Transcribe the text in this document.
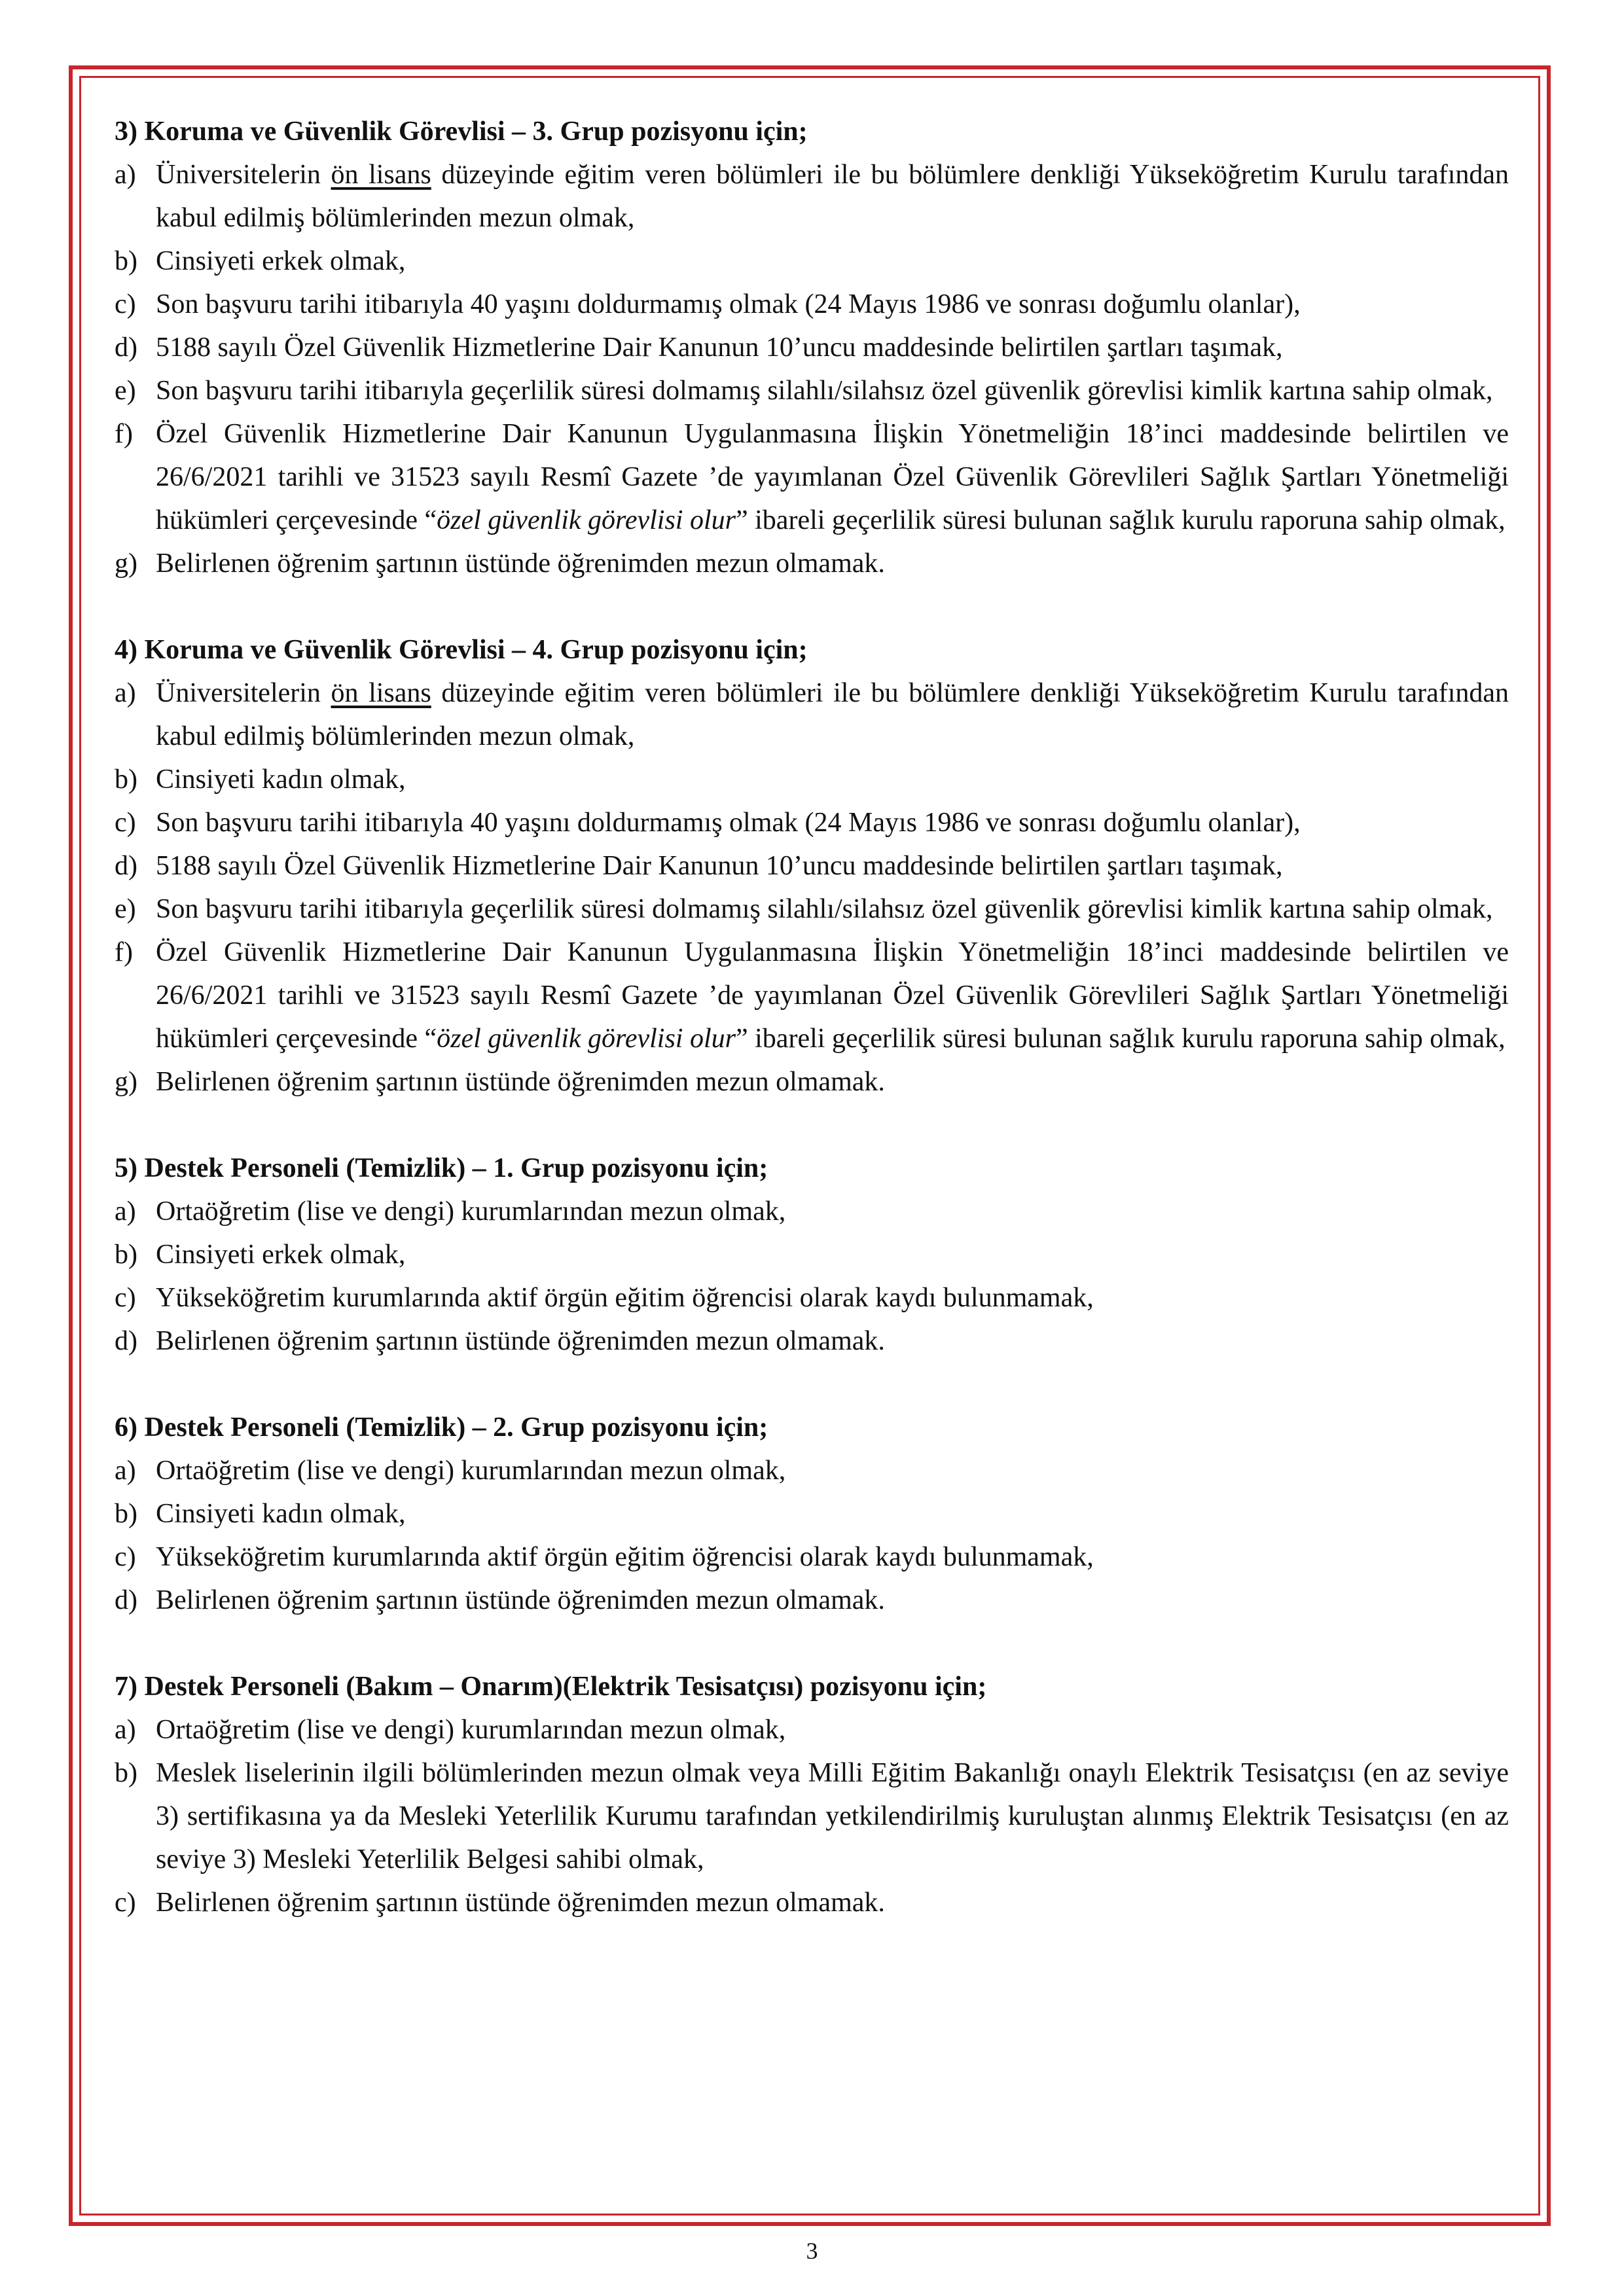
3) Koruma ve Güvenlik Görevlisi – 3. Grup pozisyonu için;

a) Üniversitelerin ön lisans düzeyinde eğitim veren bölümleri ile bu bölümlere denkliği Yükseköğretim Kurulu tarafından kabul edilmiş bölümlerinden mezun olmak,
b) Cinsiyeti erkek olmak,
c) Son başvuru tarihi itibarıyla 40 yaşını doldurmamış olmak (24 Mayıs 1986 ve sonrası doğumlu olanlar),
d) 5188 sayılı Özel Güvenlik Hizmetlerine Dair Kanunun 10’uncu maddesinde belirtilen şartları taşımak,
e) Son başvuru tarihi itibarıyla geçerlilik süresi dolmamış silahlı/silahsız özel güvenlik görevlisi kimlik kartına sahip olmak,
f) Özel Güvenlik Hizmetlerine Dair Kanunun Uygulanmasına İlişkin Yönetmeliğin 18’inci maddesinde belirtilen ve 26/6/2021 tarihli ve 31523 sayılı Resmî Gazete ’de yayımlanan Özel Güvenlik Görevlileri Sağlık Şartları Yönetmeliği hükümleri çerçevesinde “özel güvenlik görevlisi olur” ibareli geçerlilik süresi bulunan sağlık kurulu raporuna sahip olmak,
g) Belirlenen öğrenim şartının üstünde öğrenimden mezun olmamak.

4) Koruma ve Güvenlik Görevlisi – 4. Grup pozisyonu için;

a) Üniversitelerin ön lisans düzeyinde eğitim veren bölümleri ile bu bölümlere denkliği Yükseköğretim Kurulu tarafından kabul edilmiş bölümlerinden mezun olmak,
b) Cinsiyeti kadın olmak,
c) Son başvuru tarihi itibarıyla 40 yaşını doldurmamış olmak (24 Mayıs 1986 ve sonrası doğumlu olanlar),
d) 5188 sayılı Özel Güvenlik Hizmetlerine Dair Kanunun 10’uncu maddesinde belirtilen şartları taşımak,
e) Son başvuru tarihi itibarıyla geçerlilik süresi dolmamış silahlı/silahsız özel güvenlik görevlisi kimlik kartına sahip olmak,
f) Özel Güvenlik Hizmetlerine Dair Kanunun Uygulanmasına İlişkin Yönetmeliğin 18’inci maddesinde belirtilen ve 26/6/2021 tarihli ve 31523 sayılı Resmî Gazete ’de yayımlanan Özel Güvenlik Görevlileri Sağlık Şartları Yönetmeliği hükümleri çerçevesinde “özel güvenlik görevlisi olur” ibareli geçerlilik süresi bulunan sağlık kurulu raporuna sahip olmak,
g) Belirlenen öğrenim şartının üstünde öğrenimden mezun olmamak.

5) Destek Personeli (Temizlik) – 1. Grup pozisyonu için;

a) Ortaöğretim (lise ve dengi) kurumlarından mezun olmak,
b) Cinsiyeti erkek olmak,
c) Yükseköğretim kurumlarında aktif örgün eğitim öğrencisi olarak kaydı bulunmamak,
d) Belirlenen öğrenim şartının üstünde öğrenimden mezun olmamak.

6) Destek Personeli (Temizlik) – 2. Grup pozisyonu için;

a) Ortaöğretim (lise ve dengi) kurumlarından mezun olmak,
b) Cinsiyeti kadın olmak,
c) Yükseköğretim kurumlarında aktif örgün eğitim öğrencisi olarak kaydı bulunmamak,
d) Belirlenen öğrenim şartının üstünde öğrenimden mezun olmamak.

7) Destek Personeli (Bakım – Onarım)(Elektrik Tesisatçısı) pozisyonu için;

a) Ortaöğretim (lise ve dengi) kurumlarından mezun olmak,
b) Meslek liselerinin ilgili bölümlerinden mezun olmak veya Milli Eğitim Bakanlığı onaylı Elektrik Tesisatçısı (en az seviye 3) sertifikasına ya da Mesleki Yeterlilik Kurumu tarafından yetkilendirilmiş kuruluştan alınmış Elektrik Tesisatçısı (en az seviye 3) Mesleki Yeterlilik Belgesi sahibi olmak,
c) Belirlenen öğrenim şartının üstünde öğrenimden mezun olmamak.
3
